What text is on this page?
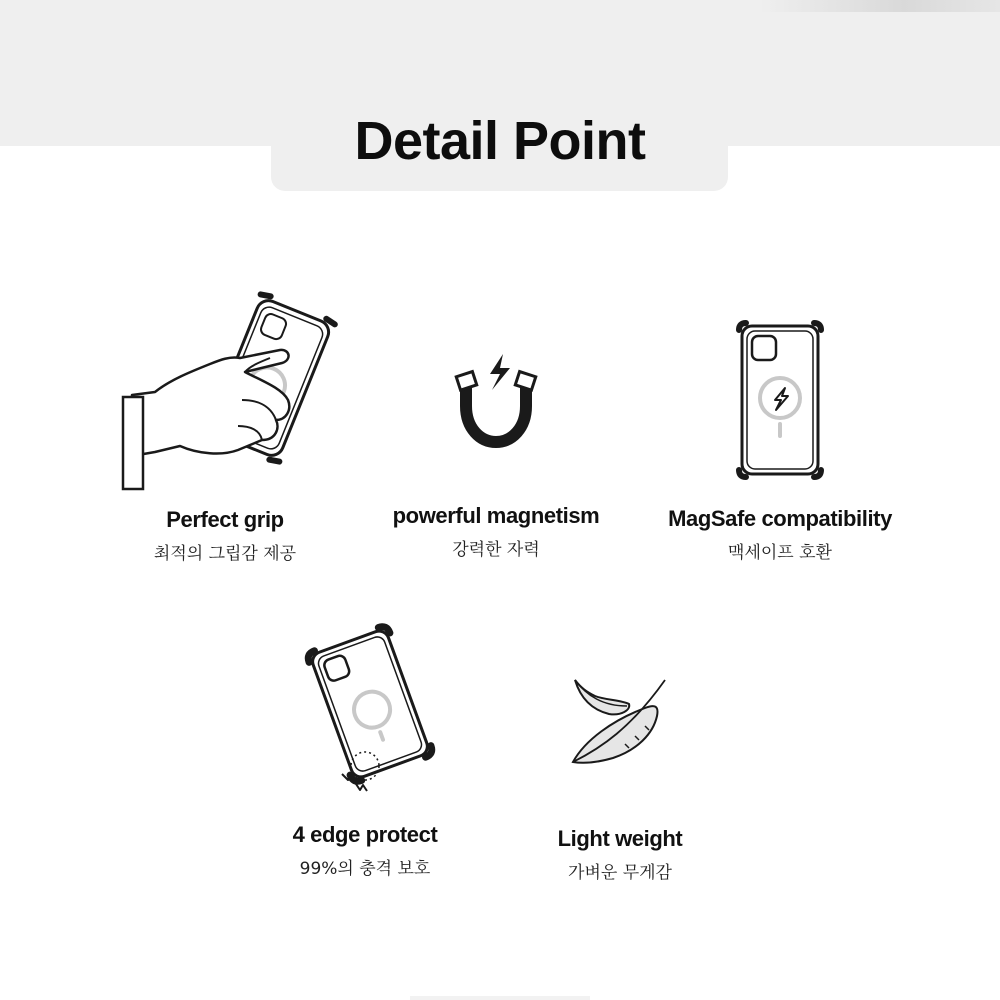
Detail Point
Perfect grip
최적의 그립감 제공
powerful magnetism
강력한 자력
MagSafe compatibility
맥세이프 호환
4 edge protect
99%의 충격 보호
Light weight
가벼운 무게감
